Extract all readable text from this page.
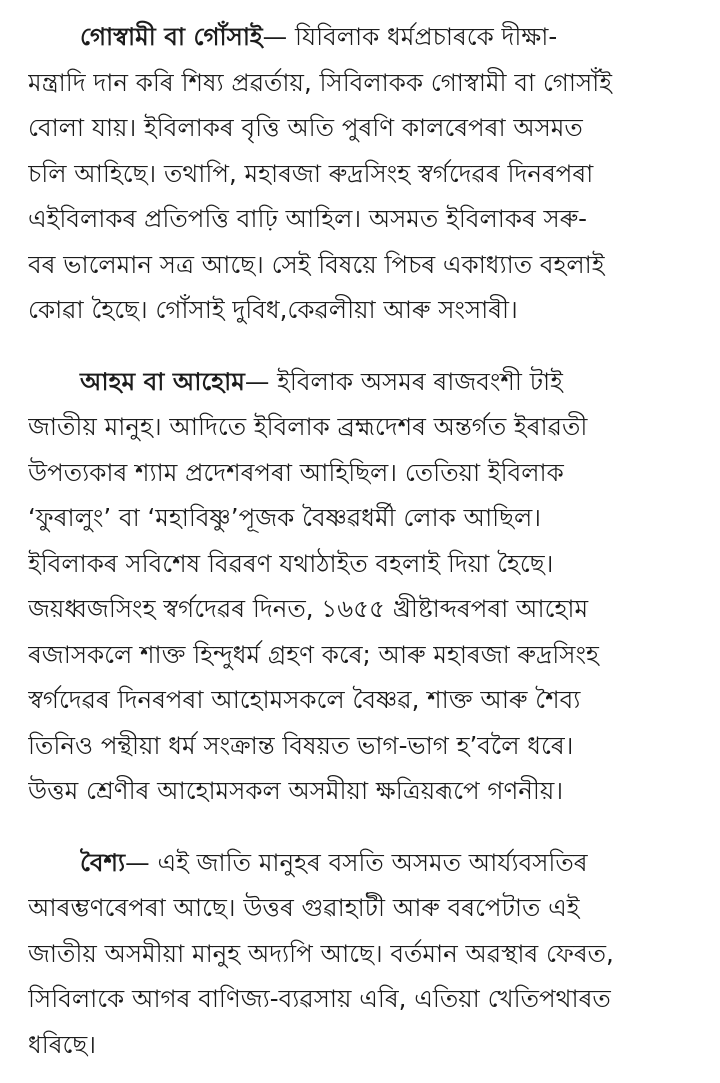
গোস্বামী বা গোঁসাই— যিবিলাক ধৰ্মপ্ৰচাৰকে দীক্ষা-
মন্ত্ৰাদি দান কৰি শিষ্য প্ৰৱৰ্তায়, সিবিলাকক গোস্বামী বা গোসাঁই
বোলা যায়। ইবিলাকৰ বৃত্তি অতি পুৰণি কালৰেপৰা অসমত
চলি আহিছে। তথাপি, মহাৰজা ৰুদ্ৰসিংহ স্বৰ্গদেৱৰ দিনৰপৰা
এইবিলাকৰ প্ৰতিপত্তি বাঢ়ি আহিল। অসমত ইবিলাকৰ সৰু-
বৰ ভালেমান সত্ৰ আছে। সেই বিষয়ে পিচৰ একাধ্যাত বহলাই
কোৱা হৈছে। গোঁসাই দুবিধ,কেৱলীয়া আৰু সংসাৰী।
আহম বা আহোম— ইবিলাক অসমৰ ৰাজবংশী টাই
জাতীয় মানুহ। আদিতে ইবিলাক ব্ৰহ্মদেশৰ অন্তৰ্গত ইৰাৱতী
উপত্যকাৰ শ্যাম প্ৰদেশৰপৰা আহিছিল। তেতিয়া ইবিলাক
‘ফুৰালুং’ বা ‘মহাবিষ্ণু’পূজক বৈষ্ণৱধৰ্মী লোক আছিল।
ইবিলাকৰ সবিশেষ বিৱৰণ যথাঠাইত বহলাই দিয়া হৈছে।
জয়ধ্বজসিংহ স্বৰ্গদেৱৰ দিনত, ১৬৫৫ খ্ৰীষ্টাব্দৰপৰা আহোম
ৰজাসকলে শাক্ত হিন্দুধৰ্ম গ্ৰহণ কৰে; আৰু মহাৰজা ৰুদ্ৰসিংহ
স্বৰ্গদেৱৰ দিনৰপৰা আহোমসকলে বৈষ্ণৱ, শাক্ত আৰু শৈব্য
তিনিও পন্থীয়া ধৰ্ম সংক্ৰান্ত বিষয়ত ভাগ-ভাগ হ’বলৈ ধৰে।
উত্তম শ্ৰেণীৰ আহোমসকল অসমীয়া ক্ষত্ৰিয়ৰূপে গণনীয়।
বৈশ্য— এই জাতি মানুহৰ বসতি অসমত আৰ্য্যবসতিৰ
আৰম্ভণৰেপৰা আছে। উত্তৰ গুৱাহাটী আৰু বৰপেটাত এই
জাতীয় অসমীয়া মানুহ অদ্যপি আছে। বৰ্তমান অৱস্থাৰ ফেৰত,
সিবিলাকে আগৰ বাণিজ্য-ব্যৱসায় এৰি, এতিয়া খেতিপথাৰত
ধৰিছে।
